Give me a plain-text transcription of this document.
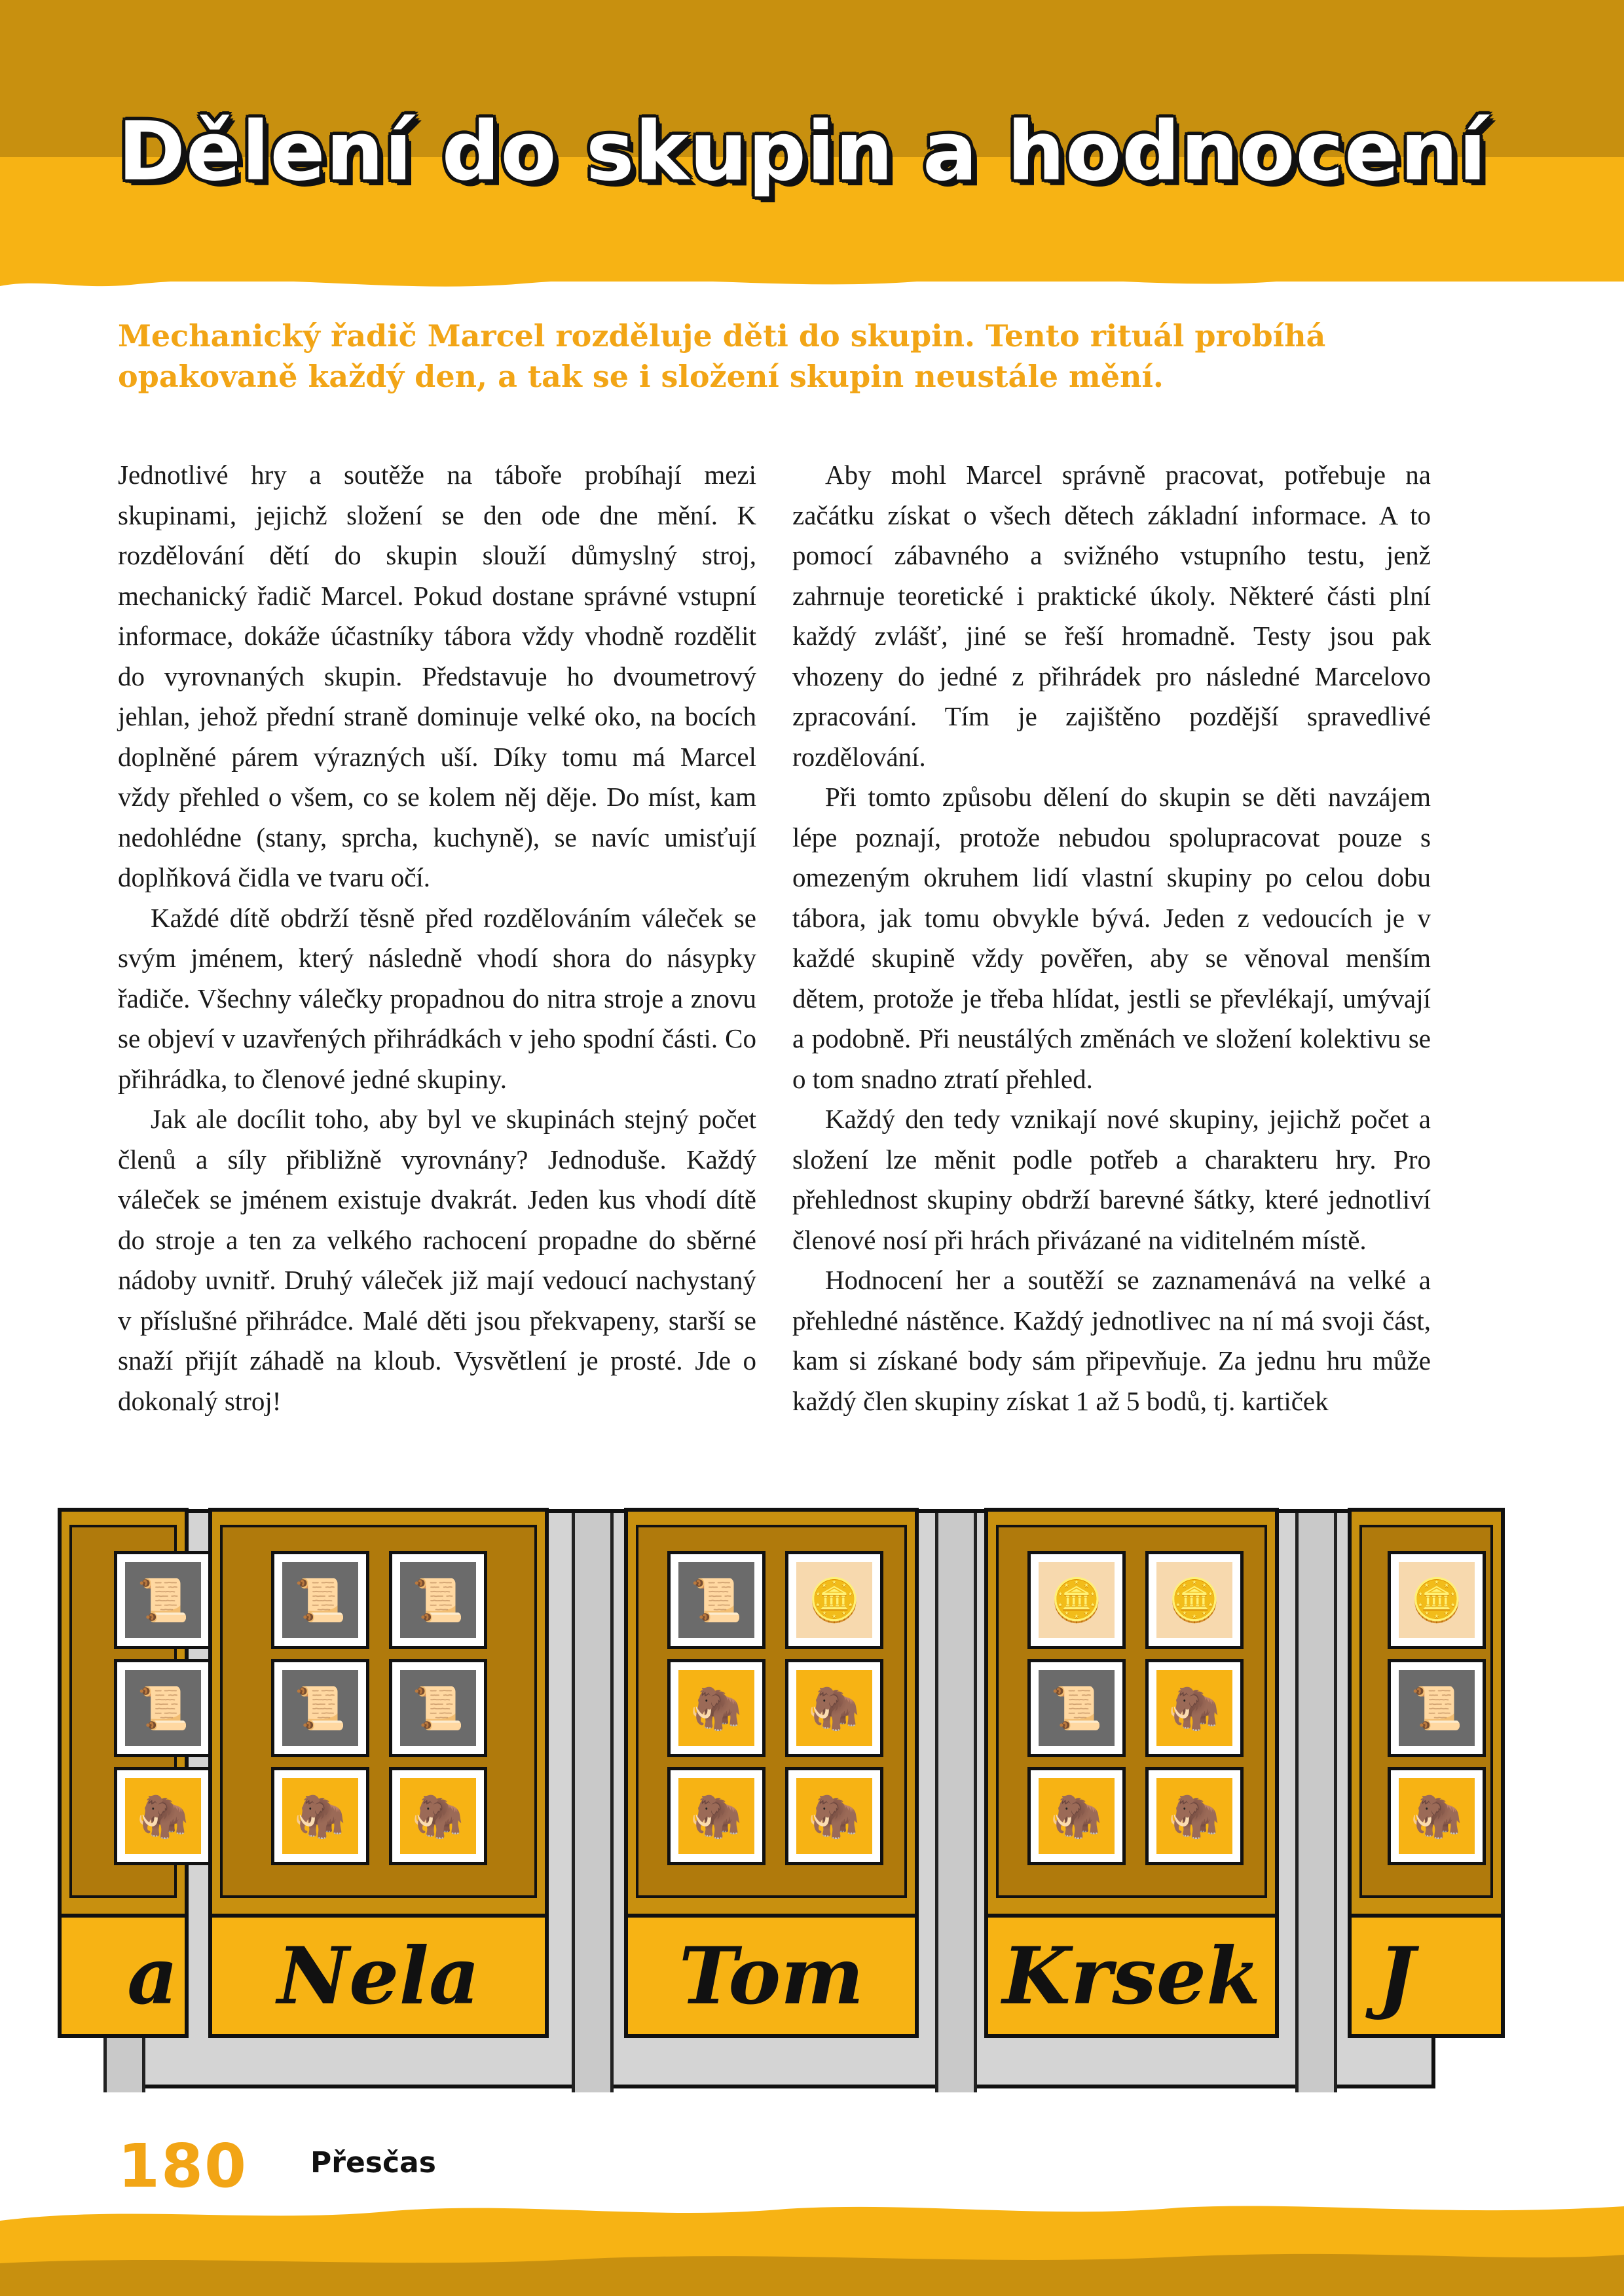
Dělení do skupin a hodnocení
Mechanický řadič Marcel rozděluje děti do skupin. Tento rituál probíhá opakovaně každý den, a tak se i složení skupin neustále mění.

Jednotlivé hry a soutěže na táboře probíhají mezi skupinami, jejichž složení se den ode dne mění. K rozdělování dětí do skupin slouží důmyslný stroj, mechanický řadič Marcel. Pokud dostane správné vstupní informace, dokáže účastníky tábora vždy vhodně rozdělit do vyrovnaných skupin. Představuje ho dvoumetrový jehlan, jehož přední straně dominuje velké oko, na bocích doplněné párem výrazných uší. Díky tomu má Marcel vždy přehled o všem, co se kolem něj děje. Do míst, kam nedohlédne (stany, sprcha, kuchyně), se navíc umisťují doplňková čidla ve tvaru očí.

Každé dítě obdrží těsně před rozdělováním váleček se svým jménem, který následně vhodí shora do násypky řadiče. Všechny válečky propadnou do nitra stroje a znovu se objeví v uzavřených přihrádkách v jeho spodní části. Co přihrádka, to členové jedné skupiny.

Jak ale docílit toho, aby byl ve skupinách stejný počet členů a síly přibližně vyrovnány? Jednoduše. Každý váleček se jménem existuje dvakrát. Jeden kus vhodí dítě do stroje a ten za velkého rachocení propadne do sběrné nádoby uvnitř. Druhý váleček již mají vedoucí nachystaný v příslušné přihrádce. Malé děti jsou překvapeny, starší se snaží přijít záhadě na kloub. Vysvětlení je prosté. Jde o dokonalý stroj!

Aby mohl Marcel správně pracovat, potřebuje na začátku získat o všech dětech základní informace. A to pomocí zábavného a svižného vstupního testu, jenž zahrnuje teoretické i praktické úkoly. Některé části plní každý zvlášť, jiné se řeší hromadně. Testy jsou pak vhozeny do jedné z přihrádek pro následné Marcelovo zpracování. Tím je zajištěno pozdější spravedlivé rozdělování.

Při tomto způsobu dělení do skupin se děti navzájem lépe poznají, protože nebudou spolupracovat pouze s omezeným okruhem lidí vlastní skupiny po celou dobu tábora, jak tomu obvykle bývá. Jeden z vedoucích je v každé skupině vždy pověřen, aby se věnoval menším dětem, protože je třeba hlídat, jestli se převlékají, umývají a podobně. Při neustálých změnách ve složení kolektivu se o tom snadno ztratí přehled.

Každý den tedy vznikají nové skupiny, jejichž počet a složení lze měnit podle potřeb a charakteru hry. Pro přehlednost skupiny obdrží barevné šátky, které jednotliví členové nosí při hrách přivázané na viditelném místě.

Hodnocení her a soutěží se zaznamenává na velké a přehledné nástěnce. Každý jednotlivec na ní má svoji část, kam si získané body sám připevňuje. Za jednu hru může každý člen skupiny získat 1 až 5 bodů, tj. kartiček

📜
📜
🦣
a
📜 📜
📜 📜
🦣 🦣
Nela
📜 🪙
🦣 🦣
🦣 🦣
Tom
🪙 🪙
📜 🦣
🦣 🦣
Krsek
🪙
📜
🦣
J
180 Přesčas
